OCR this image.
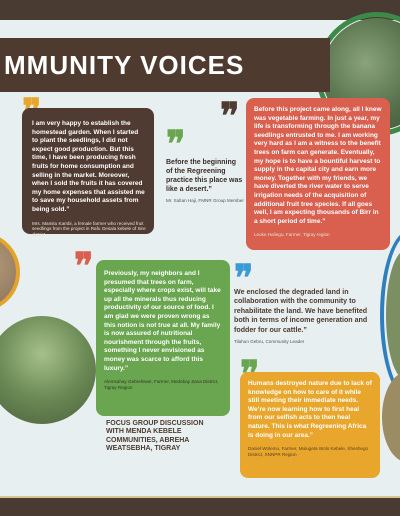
MMUNITY VOICES

I am very happy to establish the homestead garden. When I started to plant the seedlings, I did not expect good production. But this time, I have been producing fresh fruits for home consumption and selling in the market. Moreover, when I sold the fruits it has covered my home expenses that assisted me to save my household assets from being sold.”

Mrs. Mamitu Kambi, a female farmer who received fruit seedlings from the project in Rafu Gesala kebele of Sire district
❞

Before the beginning of the Regreening practice this place was like a desert.”

Mr. Sultan Haji, FMNR Group Member
❞ Before this project came along, all I knew was vegetable farming. In just a year, my life is transforming through the banana seedlings entrusted to me. I am working very hard as I am a witness to the benefit trees on farm can generate. Eventually, my hope is to have a bountiful harvest to supply in the capital city and earn more money. Together with my friends, we have diverted the river water to serve irrigation needs of the acquisition of additional fruit tree species. If all goes well, I am expecting thousands of Birr in a short period of time.”

Leoke Hailegu, Farmer, Tigray region
❞ Previously, my neighbors and I presumed that trees on farm, especially where crops exist, will take up all the minerals thus reducing productivity of our source of food. I am glad we were proven wrong as this notion is not true at all. My family is now assured of nutritional nourishment through the fruits, something I never envisioned as money was scarce to afford this luxury.”

Alemsahay Gebrehiwet, Farmer, Medebay Zana District, Tigray Region
❞

We enclosed the degraded land in collaboration with the community to rehabilitate the land. We have benefited both in terms of income generation and fodder for our cattle.”

Tilahun Gebru, Community Leader

Humans destroyed nature due to lack of knowledge on how to care of it while still meeting their immediate needs. We’re now learning how to first heal from our selfish acts to then heal nature. This is what Regreening Africa is doing in our area.”

Daniel Wolemu, Farmer, Mulugeta Wolo Kebele, Sheshego District, SNNPR Region

FOCUS GROUP DISCUSSION WITH MENDA KEBELE COMMUNITIES, ABREHA WEATSEBHA, TIGRAY
